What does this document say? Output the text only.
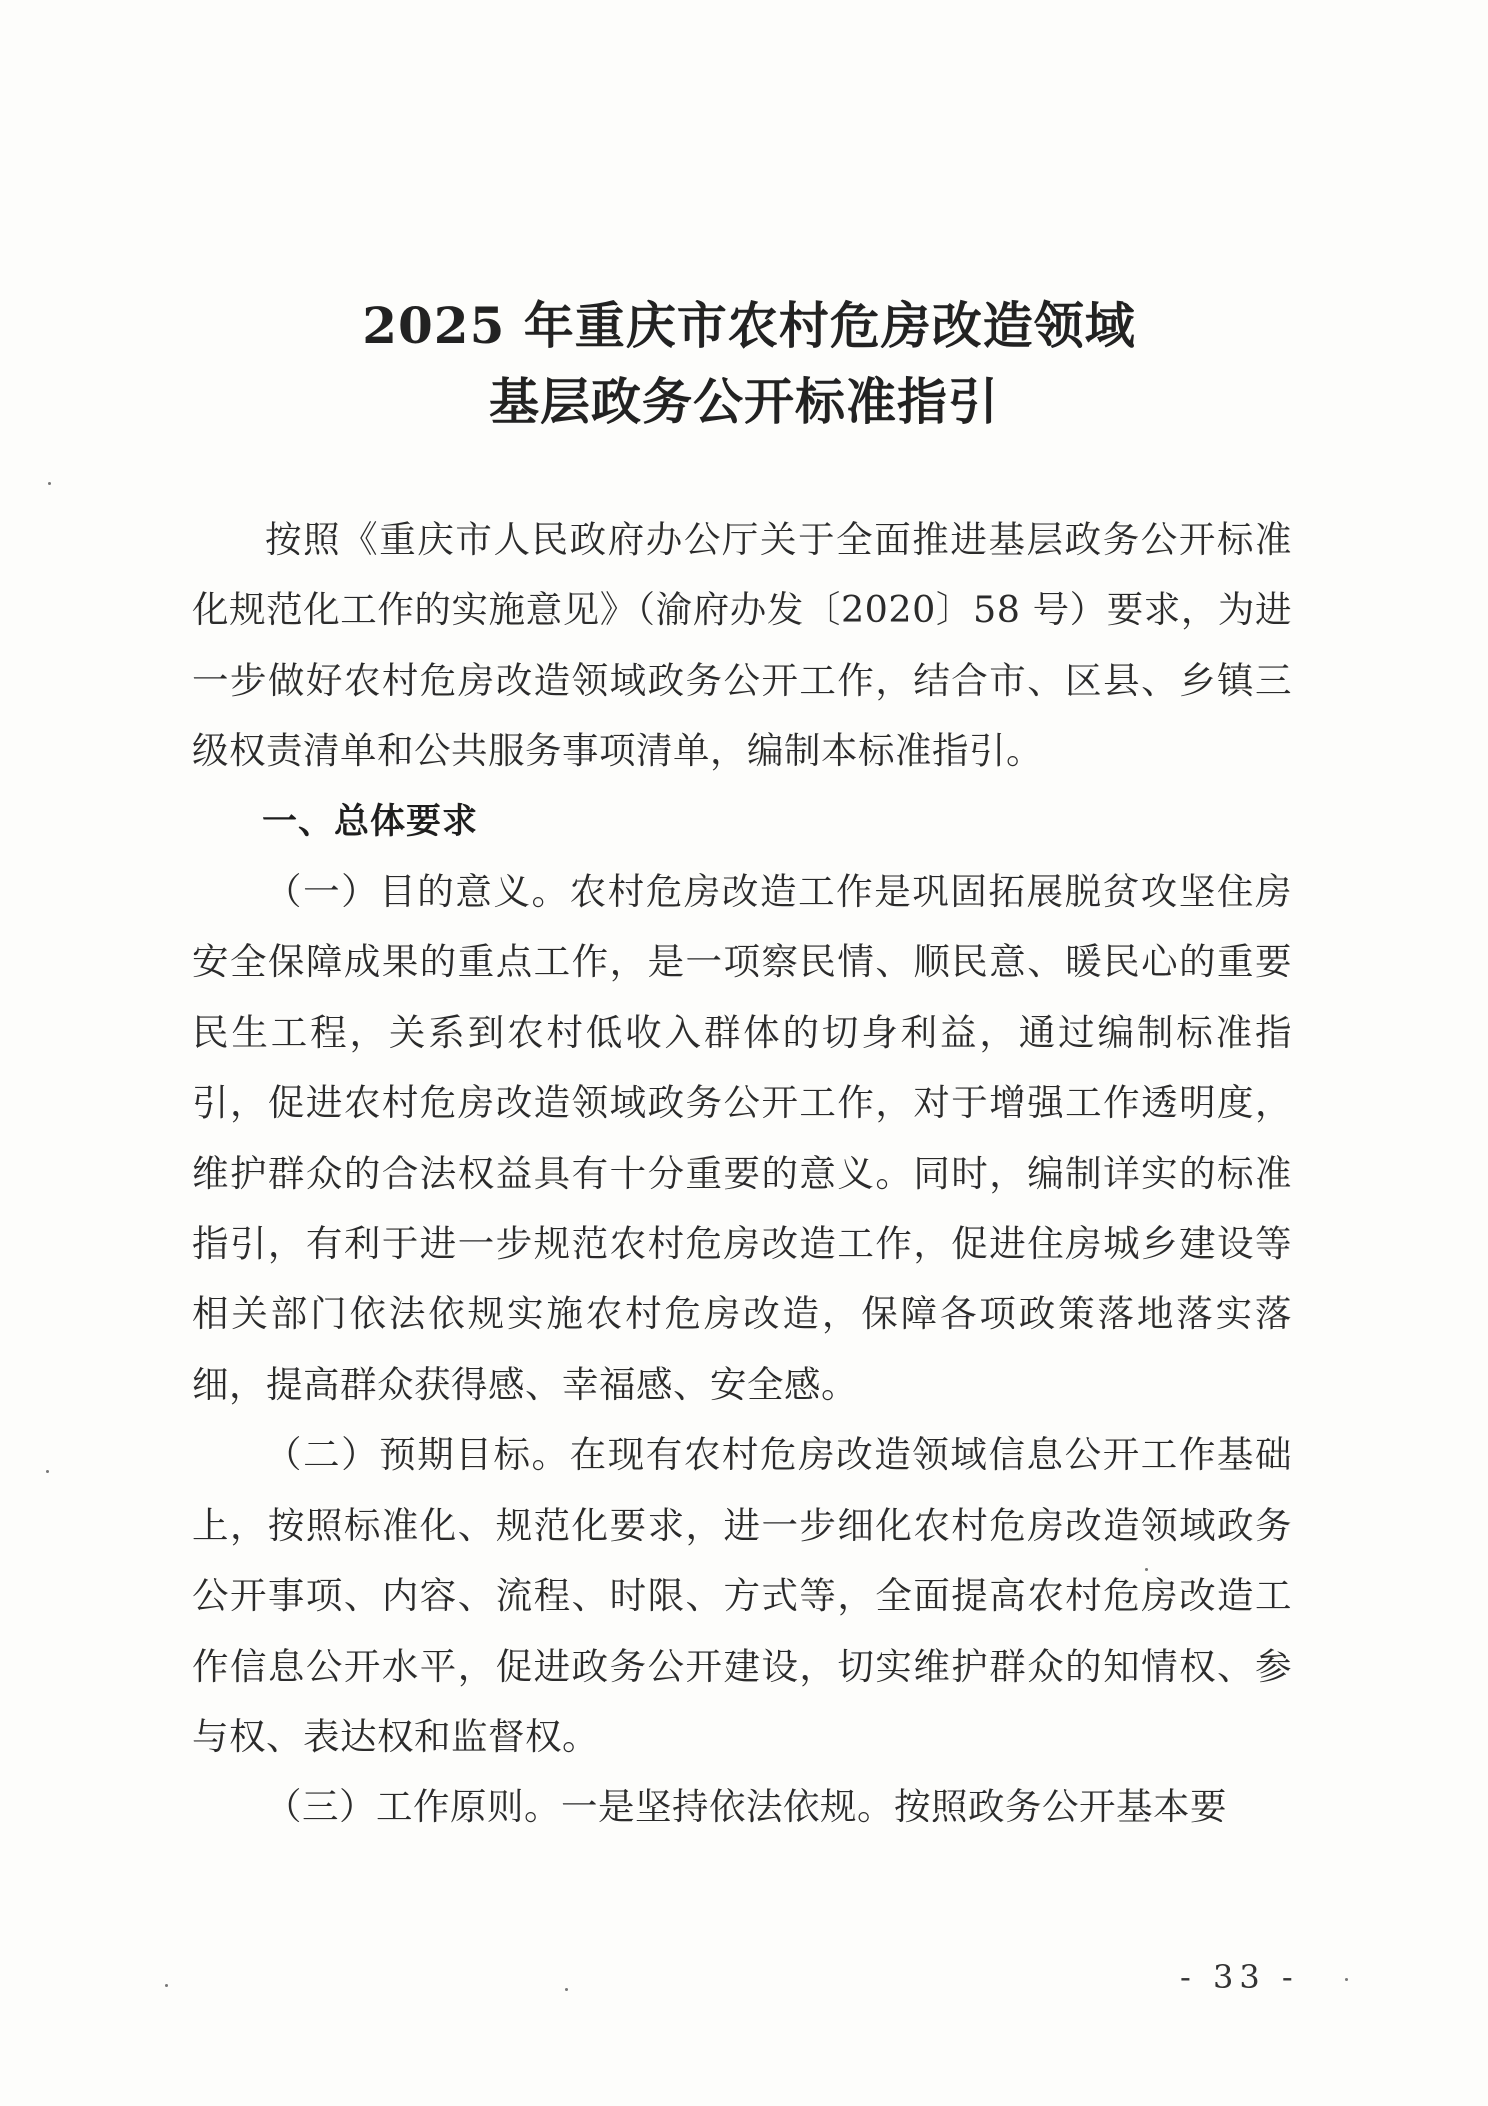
2025 年重庆市农村危房改造领域
基层政务公开标准指引

按照《重庆市人民政府办公厅关于全面推进基层政务公开标准化规范化工作的实施意见》（渝府办发〔2020〕58 号）要求，为进一步做好农村危房改造领域政务公开工作，结合市、区县、乡镇三级权责清单和公共服务事项清单，编制本标准指引。

一、总体要求

（一）目的意义。农村危房改造工作是巩固拓展脱贫攻坚住房安全保障成果的重点工作，是一项察民情、顺民意、暖民心的重要民生工程，关系到农村低收入群体的切身利益，通过编制标准指引，促进农村危房改造领域政务公开工作，对于增强工作透明度，维护群众的合法权益具有十分重要的意义。同时，编制详实的标准指引，有利于进一步规范农村危房改造工作，促进住房城乡建设等相关部门依法依规实施农村危房改造，保障各项政策落地落实落细，提高群众获得感、幸福感、安全感。

（二）预期目标。在现有农村危房改造领域信息公开工作基础上，按照标准化、规范化要求，进一步细化农村危房改造领域政务公开事项、内容、流程、时限、方式等，全面提高农村危房改造工作信息公开水平，促进政务公开建设，切实维护群众的知情权、参与权、表达权和监督权。

（三）工作原则。一是坚持依法依规。按照政务公开基本要

- 33 -
